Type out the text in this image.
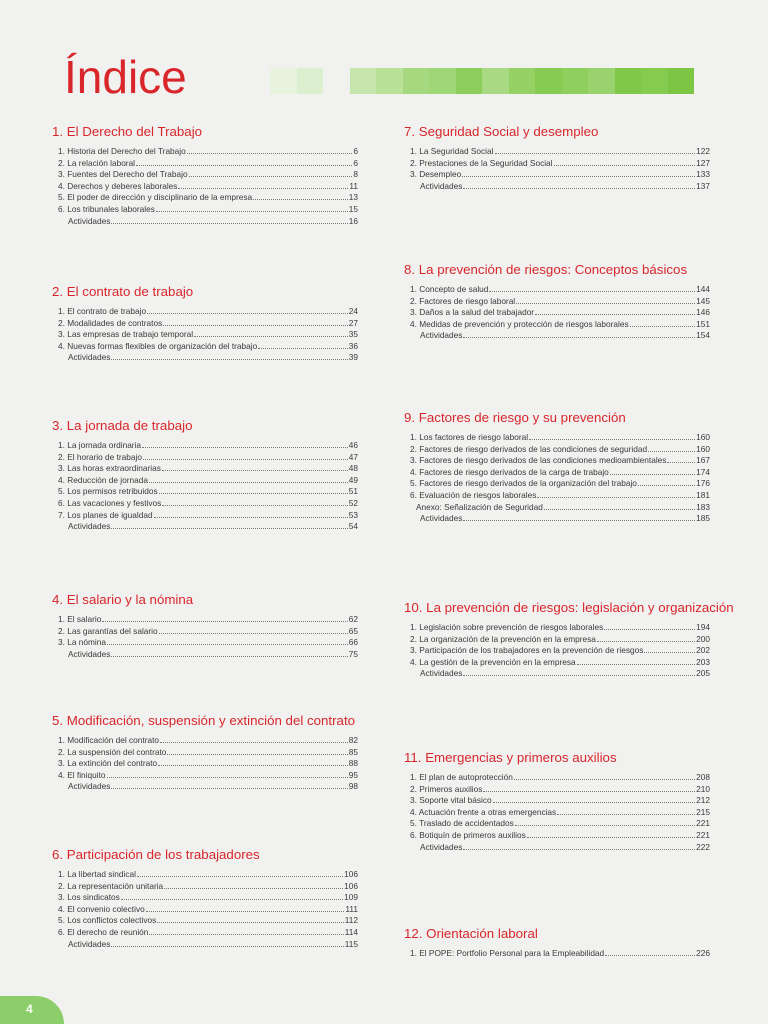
Índice
1. El Derecho del Trabajo
1. Historia del Derecho del Trabajo	6
2. La relación laboral	6
3. Fuentes del Derecho del Trabajo	8
4. Derechos y deberes laborales	11
5. El poder de dirección y disciplinario de la empresa	13
6. Los tribunales laborales	15
Actividades	16
2. El contrato de trabajo
1. El contrato de trabajo	24
2. Modalidades de contratos	27
3. Las empresas de trabajo temporal	35
4. Nuevas formas flexibles de organización del trabajo	36
Actividades	39
3. La jornada de trabajo
1. La jornada ordinaria	46
2. El horario de trabajo	47
3. Las horas extraordinarias	48
4. Reducción de jornada	49
5. Los permisos retribuidos	51
6. Las vacaciones y festivos	52
7. Los planes de igualdad	53
Actividades	54
4. El salario y la nómina
1. El salario	62
2. Las garantías del salario	65
3. La nómina	66
Actividades	75
5. Modificación, suspensión y extinción del contrato
1. Modificación del contrato	82
2. La suspensión del contrato	85
3. La extinción del contrato	88
4. El finiquito	95
Actividades	98
6. Participación de los trabajadores
1. La libertad sindical	106
2. La representación unitaria	106
3. Los sindicatos	109
4. El convenio colectivo	111
5. Los conflictos colectivos	112
6. El derecho de reunión	114
Actividades	115
7. Seguridad Social y desempleo
1. La Seguridad Social	122
2. Prestaciones de la Seguridad Social	127
3. Desempleo	133
Actividades	137
8. La prevención de riesgos: Conceptos básicos
1. Concepto de salud	144
2. Factores de riesgo laboral	145
3. Daños a la salud del trabajador	146
4. Medidas de prevención y protección de riesgos laborales	151
Actividades	154
9. Factores de riesgo y su prevención
1. Los factores de riesgo laboral	160
2. Factores de riesgo derivados de las condiciones de seguridad	160
3. Factores de riesgo derivados de las condiciones medioambientales	167
4. Factores de riesgo derivados de la carga de trabajo	174
5. Factores de riesgo derivados de la organización del trabajo	176
6. Evaluación de riesgos laborales	181
Anexo: Señalización de Seguridad	183
Actividades	185
10. La prevención de riesgos: legislación y organización
1. Legislación sobre prevención de riesgos laborales	194
2. La organización de la prevención en la empresa	200
3. Participación de los trabajadores en la prevención de riesgos	202
4. La gestión de la prevención en la empresa	203
Actividades	205
11. Emergencias y primeros auxilios
1. El plan de autoprotección	208
2. Primeros auxilios	210
3. Soporte vital básico	212
4. Actuación frente a otras emergencias	215
5. Traslado de accidentados	221
6. Botiquín de primeros auxilios	221
Actividades	222
12. Orientación laboral
1. El POPE: Portfolio Personal para la Empleabilidad	226
4
